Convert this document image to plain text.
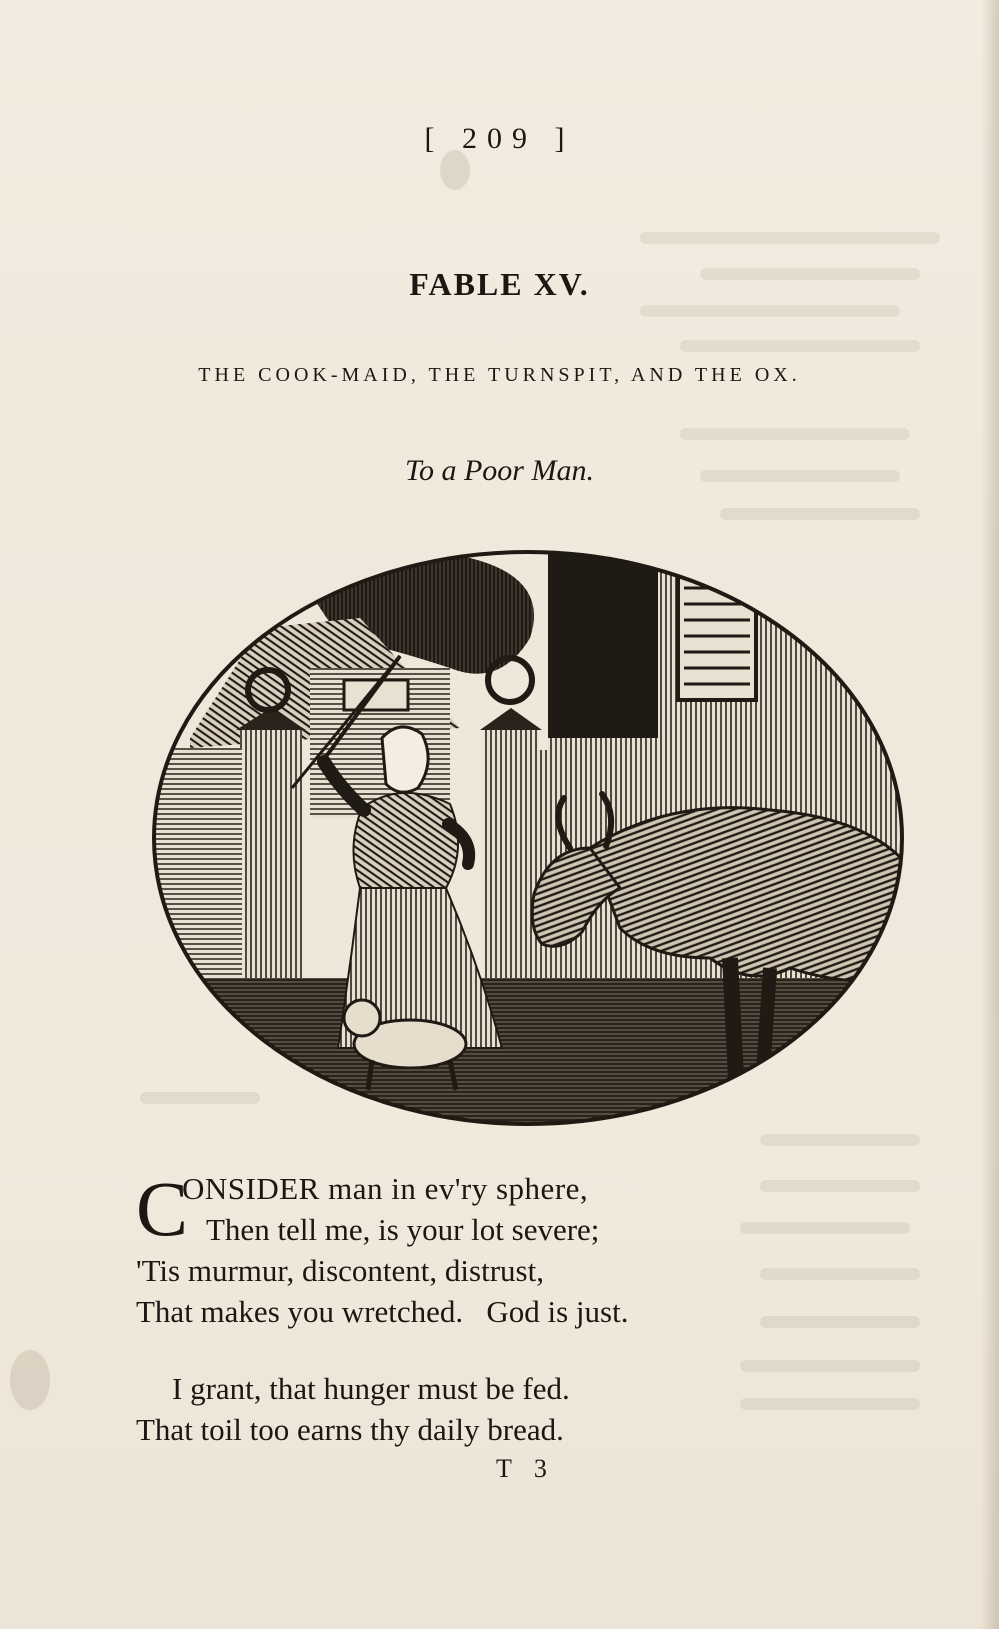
[ 209 ]
FABLE XV.
THE COOK-MAID, THE TURNSPIT, AND THE OX.
To a Poor Man.
C
ONSIDER man in ev'ry sphere,
Then tell me, is your lot severe;
'Tis murmur, discontent, distrust,
That makes you wretched.   God is just.
I grant, that hunger must be fed.
That toil too earns thy daily bread.
T 3
